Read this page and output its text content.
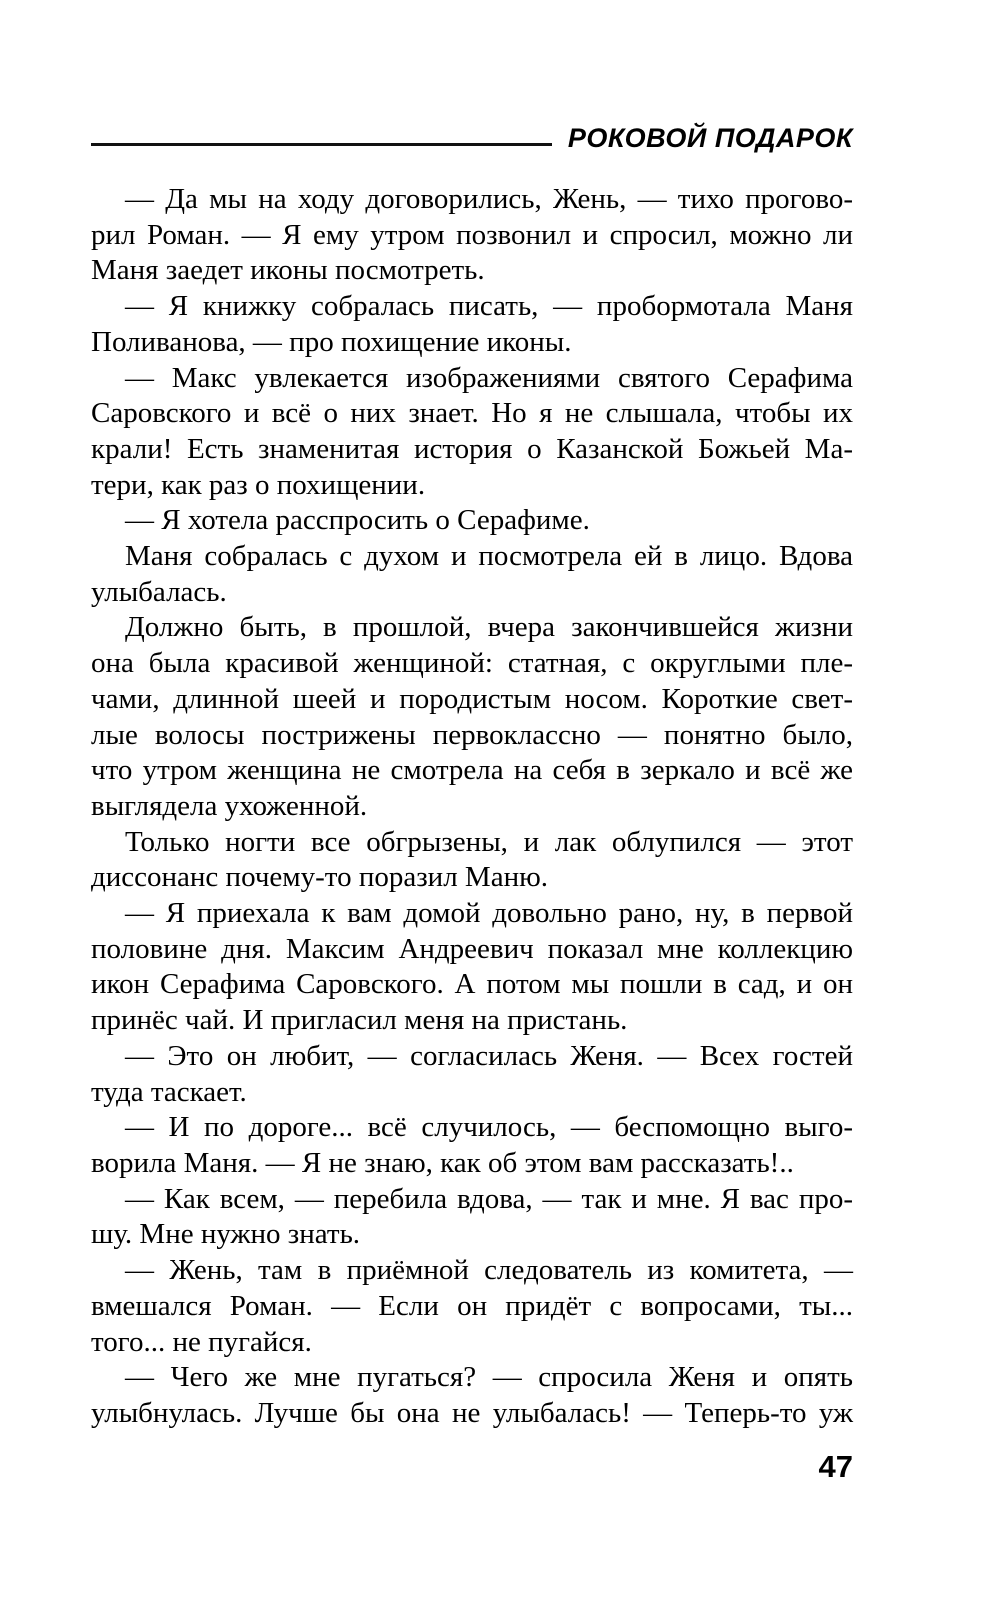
РОКОВОЙ ПОДАРОК
— Да мы на ходу договорились, Жень, — тихо прогово-
рил Роман. — Я ему утром позвонил и спросил, можно ли
Маня заедет иконы посмотреть.
— Я книжку собралась писать, — пробормотала Маня
Поливанова, — про похищение иконы.
— Макс увлекается изображениями святого Серафима
Саровского и всё о них знает. Но я не слышала, чтобы их
крали! Есть знаменитая история о Казанской Божьей Ма-
тери, как раз о похищении.
— Я хотела расспросить о Серафиме.
Маня собралась с духом и посмотрела ей в лицо. Вдова
улыбалась.
Должно быть, в прошлой, вчера закончившейся жизни
она была красивой женщиной: статная, с округлыми пле-
чами, длинной шеей и породистым носом. Короткие свет-
лые волосы пострижены первоклассно — понятно было,
что утром женщина не смотрела на себя в зеркало и всё же
выглядела ухоженной.
Только ногти все обгрызены, и лак облупился — этот
диссонанс почему-то поразил Маню.
— Я приехала к вам домой довольно рано, ну, в первой
половине дня. Максим Андреевич показал мне коллекцию
икон Серафима Саровского. А потом мы пошли в сад, и он
принёс чай. И пригласил меня на пристань.
— Это он любит, — согласилась Женя. — Всех гостей
туда таскает.
— И по дороге... всё случилось, — беспомощно выго-
ворила Маня. — Я не знаю, как об этом вам рассказать!..
— Как всем, — перебила вдова, — так и мне. Я вас про-
шу. Мне нужно знать.
— Жень, там в приёмной следователь из комитета, —
вмешался Роман. — Если он придёт с вопросами, ты...
того... не пугайся.
— Чего же мне пугаться? — спросила Женя и опять
улыбнулась. Лучше бы она не улыбалась! — Теперь-то уж
47
